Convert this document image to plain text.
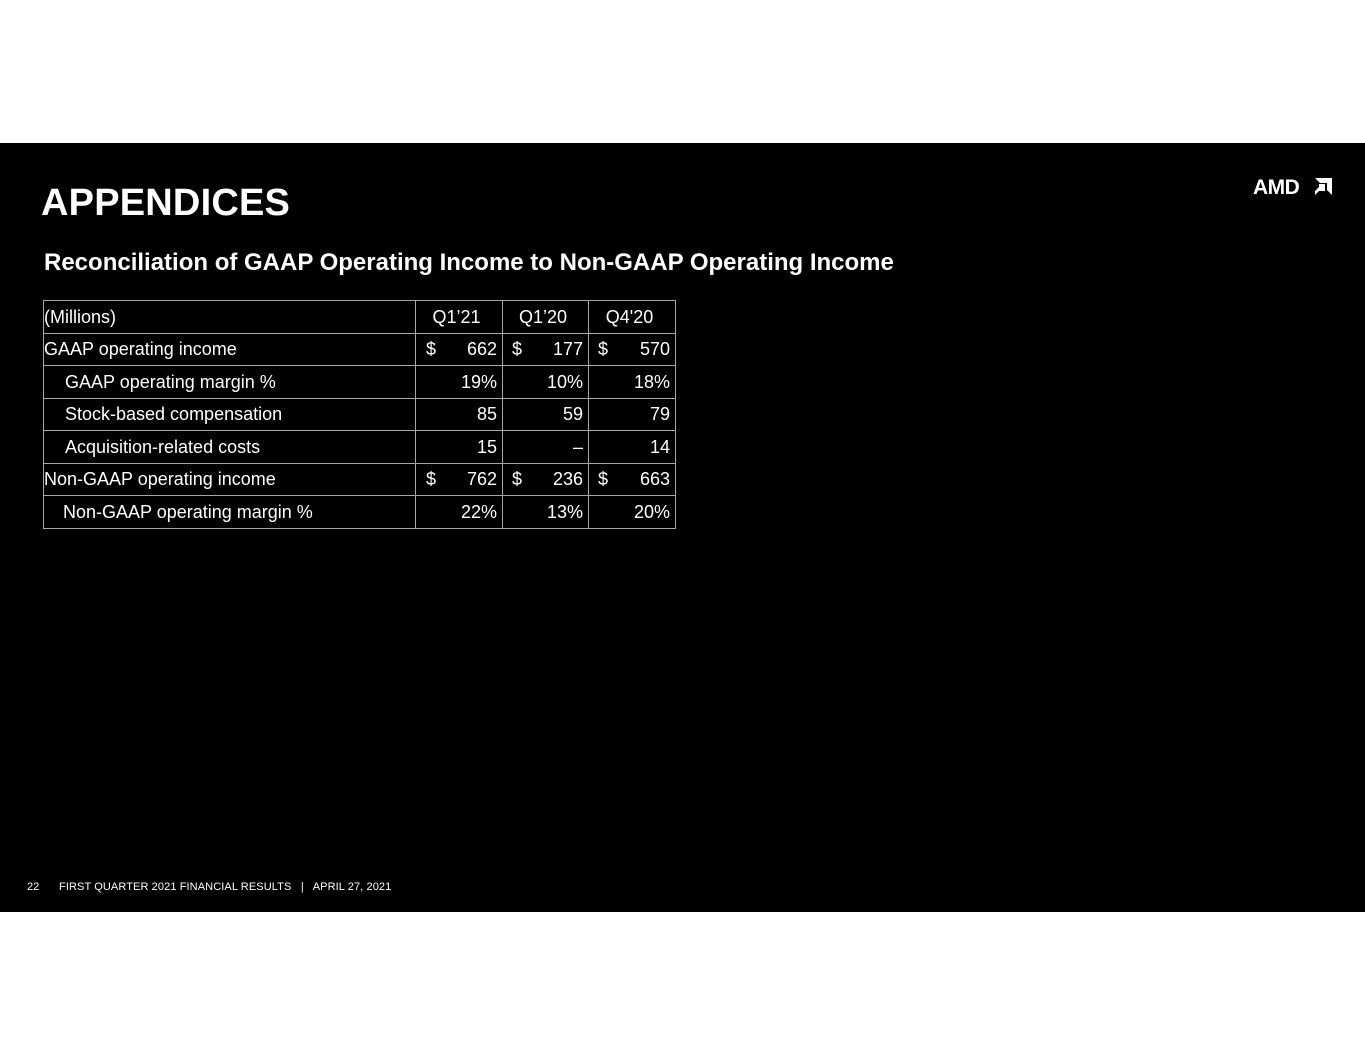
APPENDICES
Reconciliation of GAAP Operating Income to Non-GAAP Operating Income
(Millions)	Q1’21	Q1’20	Q4'20
GAAP operating income	$ 662	$ 177	$ 570
GAAP operating margin %	19%	10%	18%
Stock-based compensation	85	59	79
Acquisition-related costs	15	–	14
Non-GAAP operating income	$ 762	$ 236	$ 663
Non-GAAP operating margin %	22%	13%	20%
22 FIRST QUARTER 2021 FINANCIAL RESULTS   |   APRIL 27, 2021
AMD
